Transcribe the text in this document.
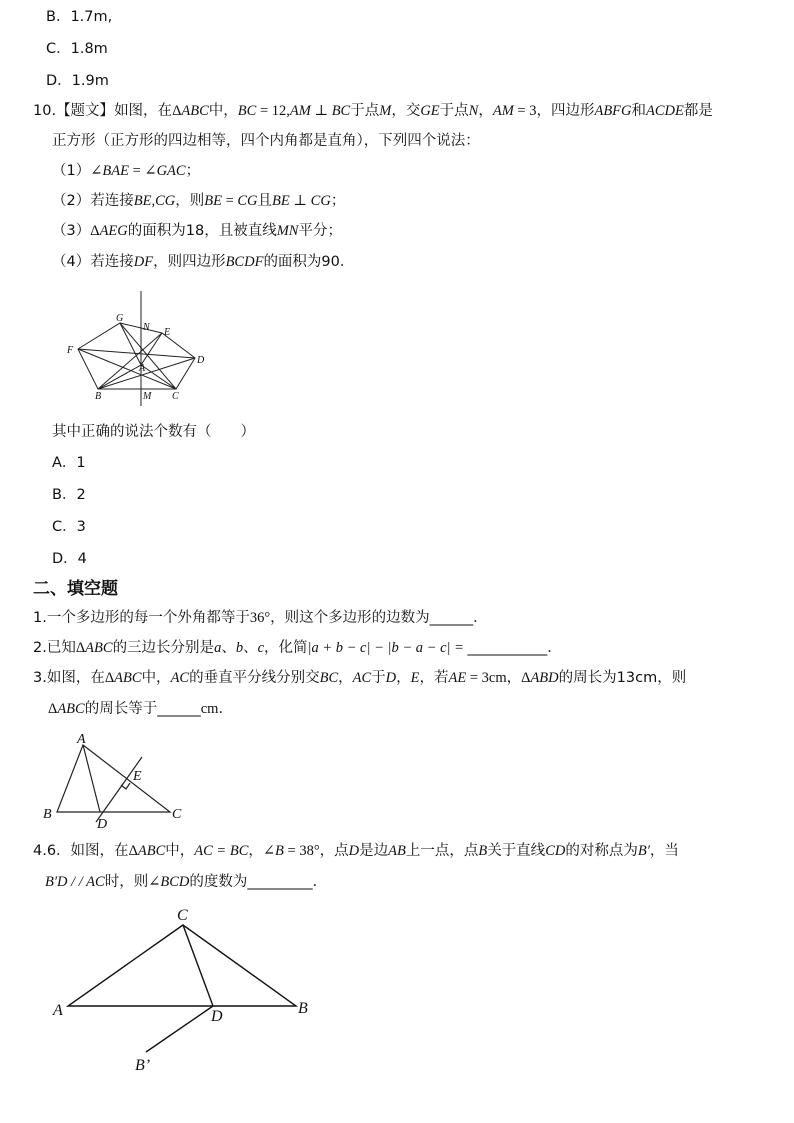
B．1.7m,
C．1.8m
D．1.9m
10.【题文】如图，在ΔABC中，BC = 12,AM ⊥ BC于点M，交GE于点N，AM = 3，四边形ABFG和ACDE都是
正方形（正方形的四边相等，四个内角都是直角），下列四个说法：
（1）∠BAE = ∠GAC；
（2）若连接BE,CG，则BE = CG且BE ⊥ CG；
（3）ΔAEG的面积为18，且被直线MN平分；
（4）若连接DF，则四边形BCDF的面积为90．
G
N E
F
D
A
B	M C
其中正确的说法个数有（　　）
A．1
B．2
C．3
D．4
二、填空题
1.一个多边形的每一个外角都等于36°，则这个多边形的边数为______．
2.已知ΔABC的三边长分别是a、b、c，化简|a + b − c| − |b − a − c| = ___________．
3.如图，在ΔABC中，AC的垂直平分线分别交BC，AC于D，E，若AE = 3cm，ΔABD的周长为13cm，则
ΔABC的周长等于______cm．
A
E
B	C
D
4.6．如图，在ΔABC中，AC = BC，∠B = 38°，点D是边AB上一点，点B关于直线CD的对称点为B′，当
B′D / / AC时，则∠BCD的度数为_________．
C
A	D	B
B’
